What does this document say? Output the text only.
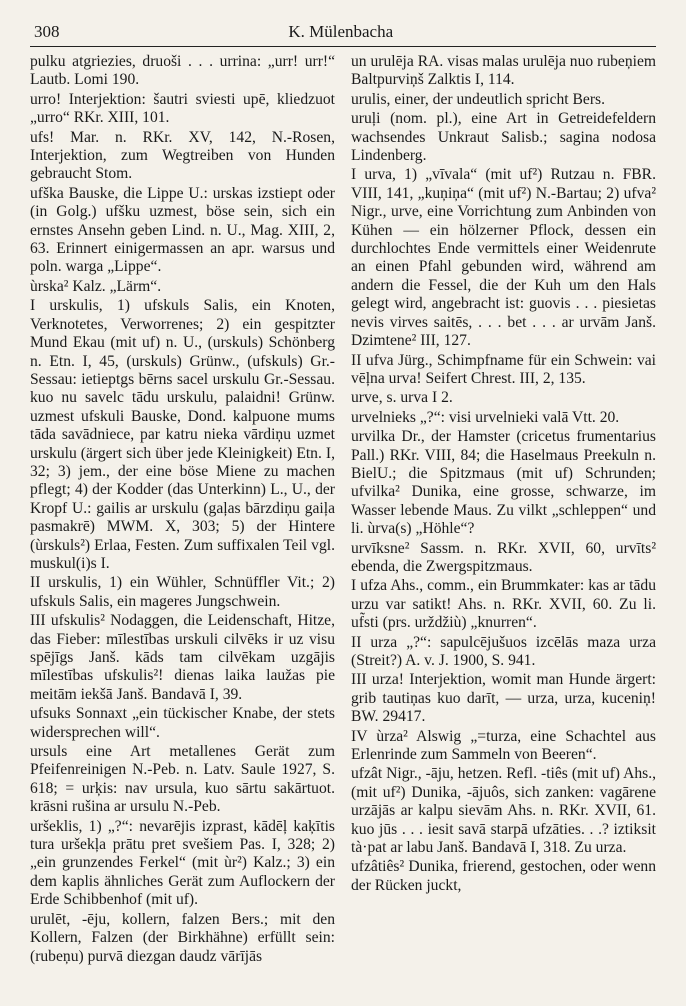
308	K. Mülenbacha

pulku atgriezies, druoši . . . urrina: „urr! urr!“ Lautb. Lomi 190.

urro! Interjektion: šautri sviesti upē, kliedzuot „urro“ RKr. XIII, 101.

ufs! Mar. n. RKr. XV, 142, N.-Rosen, Interjektion, zum Wegtreiben von Hunden gebraucht Stom.

ufška Bauske, die Lippe U.: urskas izstiept oder (in Golg.) ufšku uzmest, böse sein, sich ein ernstes Ansehn geben Lind. n. U., Mag. XIII, 2, 63. Erinnert einigermassen an apr. warsus und poln. warga „Lippe“.

ùrska² Kalz. „Lärm“.

I urskulis, 1) ufskuls Salis, ein Knoten, Verknotetes, Verworrenes; 2) ein gespitzter Mund Ekau (mit uf) n. U., (urskuls) Schönberg n. Etn. I, 45, (urskuls) Grünw., (ufskuls) Gr.-Sessau: ietieptgs bērns sacel urskulu Gr.-Sessau. kuo nu savelc tādu urskulu, palaidni! Grünw. uzmest ufskuli Bauske, Dond. kalpuone mums tāda savādniece, par katru nieka vārdiņu uzmet urskulu (ärgert sich über jede Kleinigkeit) Etn. I, 32; 3) jem., der eine böse Miene zu machen pflegt; 4) der Kodder (das Unterkinn) L., U., der Kropf U.: gailis ar urskulu (gaļas bārzdiņu gaiļa pasmakrē) MWM. X, 303; 5) der Hintere (ùrskuls²) Erlaa, Festen. Zum suffixalen Teil vgl. muskul(i)s I.

II urskulis, 1) ein Wühler, Schnüffler Vit.; 2) ufskuls Salis, ein mageres Jungschwein.

III ufskulis² Nodaggen, die Leidenschaft, Hitze, das Fieber: mīlestības urskuli cilvēks ir uz visu spējīgs Janš. kāds tam cilvēkam uzgājis mīlestības ufskulis²! dienas laika laužas pie meitām iekšā Janš. Bandavā I, 39.

ufsuks Sonnaxt „ein tückischer Knabe, der stets widersprechen will“.

ursuls eine Art metallenes Gerät zum Pfeifenreinigen N.-Peb. n. Latv. Saule 1927, S. 618; = urķis: nav ursula, kuo sārtu sakārtuot. krāsni rušina ar ursulu N.-Peb.

uršeklis, 1) „?“: nevarējis izprast, kādēļ kaķītis tura uršekļa prātu pret svešiem Pas. I, 328; 2) „ein grunzendes Ferkel“ (mit ùr²) Kalz.; 3) ein dem kaplis ähnliches Gerät zum Auflockern der Erde Schibbenhof (mit uf).

urulēt, -ēju, kollern, falzen Bers.; mit den Kollern, Falzen (der Birkhähne) erfüllt sein: (rubeņu) purvā diezgan daudz vārījās

un urulēja RA. visas malas urulēja nuo rubeņiem Baltpurviņš Zalktis I, 114.

urulis, einer, der undeutlich spricht Bers.

uruļi (nom. pl.), eine Art in Getreidefeldern wachsendes Unkraut Salisb.; sagina nodosa Lindenberg.

I urva, 1) „vīvala“ (mit uf²) Rutzau n. FBR. VIII, 141, „kuņiņa“ (mit uf²) N.-Bartau; 2) ufva² Nigr., urve, eine Vorrichtung zum Anbinden von Kühen — ein hölzerner Pflock, dessen ein durchlochtes Ende vermittels einer Weidenrute an einen Pfahl gebunden wird, während am andern die Fessel, die der Kuh um den Hals gelegt wird, angebracht ist: guovis . . . piesietas nevis virves saitēs, . . . bet . . . ar urvām Janš. Dzimtene² III, 127.

II ufva Jürg., Schimpfname für ein Schwein: vai vēļna urva! Seifert Chrest. III, 2, 135.

urve, s. urva I 2.

urvelnieks „?“: visi urvelnieki valā Vtt. 20.

urvilka Dr., der Hamster (cricetus frumentarius Pall.) RKr. VIII, 84; die Haselmaus Preekuln n. BielU.; die Spitzmaus (mit uf) Schrunden; ufvilka² Dunika, eine grosse, schwarze, im Wasser lebende Maus. Zu vilkt „schleppen“ und li. ùrva(s) „Höhle“?

urvīksne² Sassm. n. RKr. XVII, 60, urvīts² ebenda, die Zwergspitzmaus.

I ufza Ahs., comm., ein Brummkater: kas ar tādu urzu var satikt! Ahs. n. RKr. XVII, 60. Zu li. uf̃sti (prs. urždžiù) „knurren“.

II urza „?“: sapulcējušuos izcēlās maza urza (Streit?) A. v. J. 1900, S. 941.

III urza! Interjektion, womit man Hunde ärgert: grib tautiņas kuo darīt, — urza, urza, kuceniņ! BW. 29417.

IV ùrza² Alswig „=turza, eine Schachtel aus Erlenrinde zum Sammeln von Beeren“.

ufzât Nigr., -āju, hetzen. Refl. -tiês (mit uf) Ahs., (mit uf²) Dunika, -ājuôs, sich zanken: vagārene urzājās ar kalpu sievām Ahs. n. RKr. XVII, 61. kuo jūs . . . iesit savā starpā ufzāties. . .? iztiksit tà·pat ar labu Janš. Bandavā I, 318. Zu urza.

ufzâtiês² Dunika, frierend, gestochen, oder wenn der Rücken juckt,
